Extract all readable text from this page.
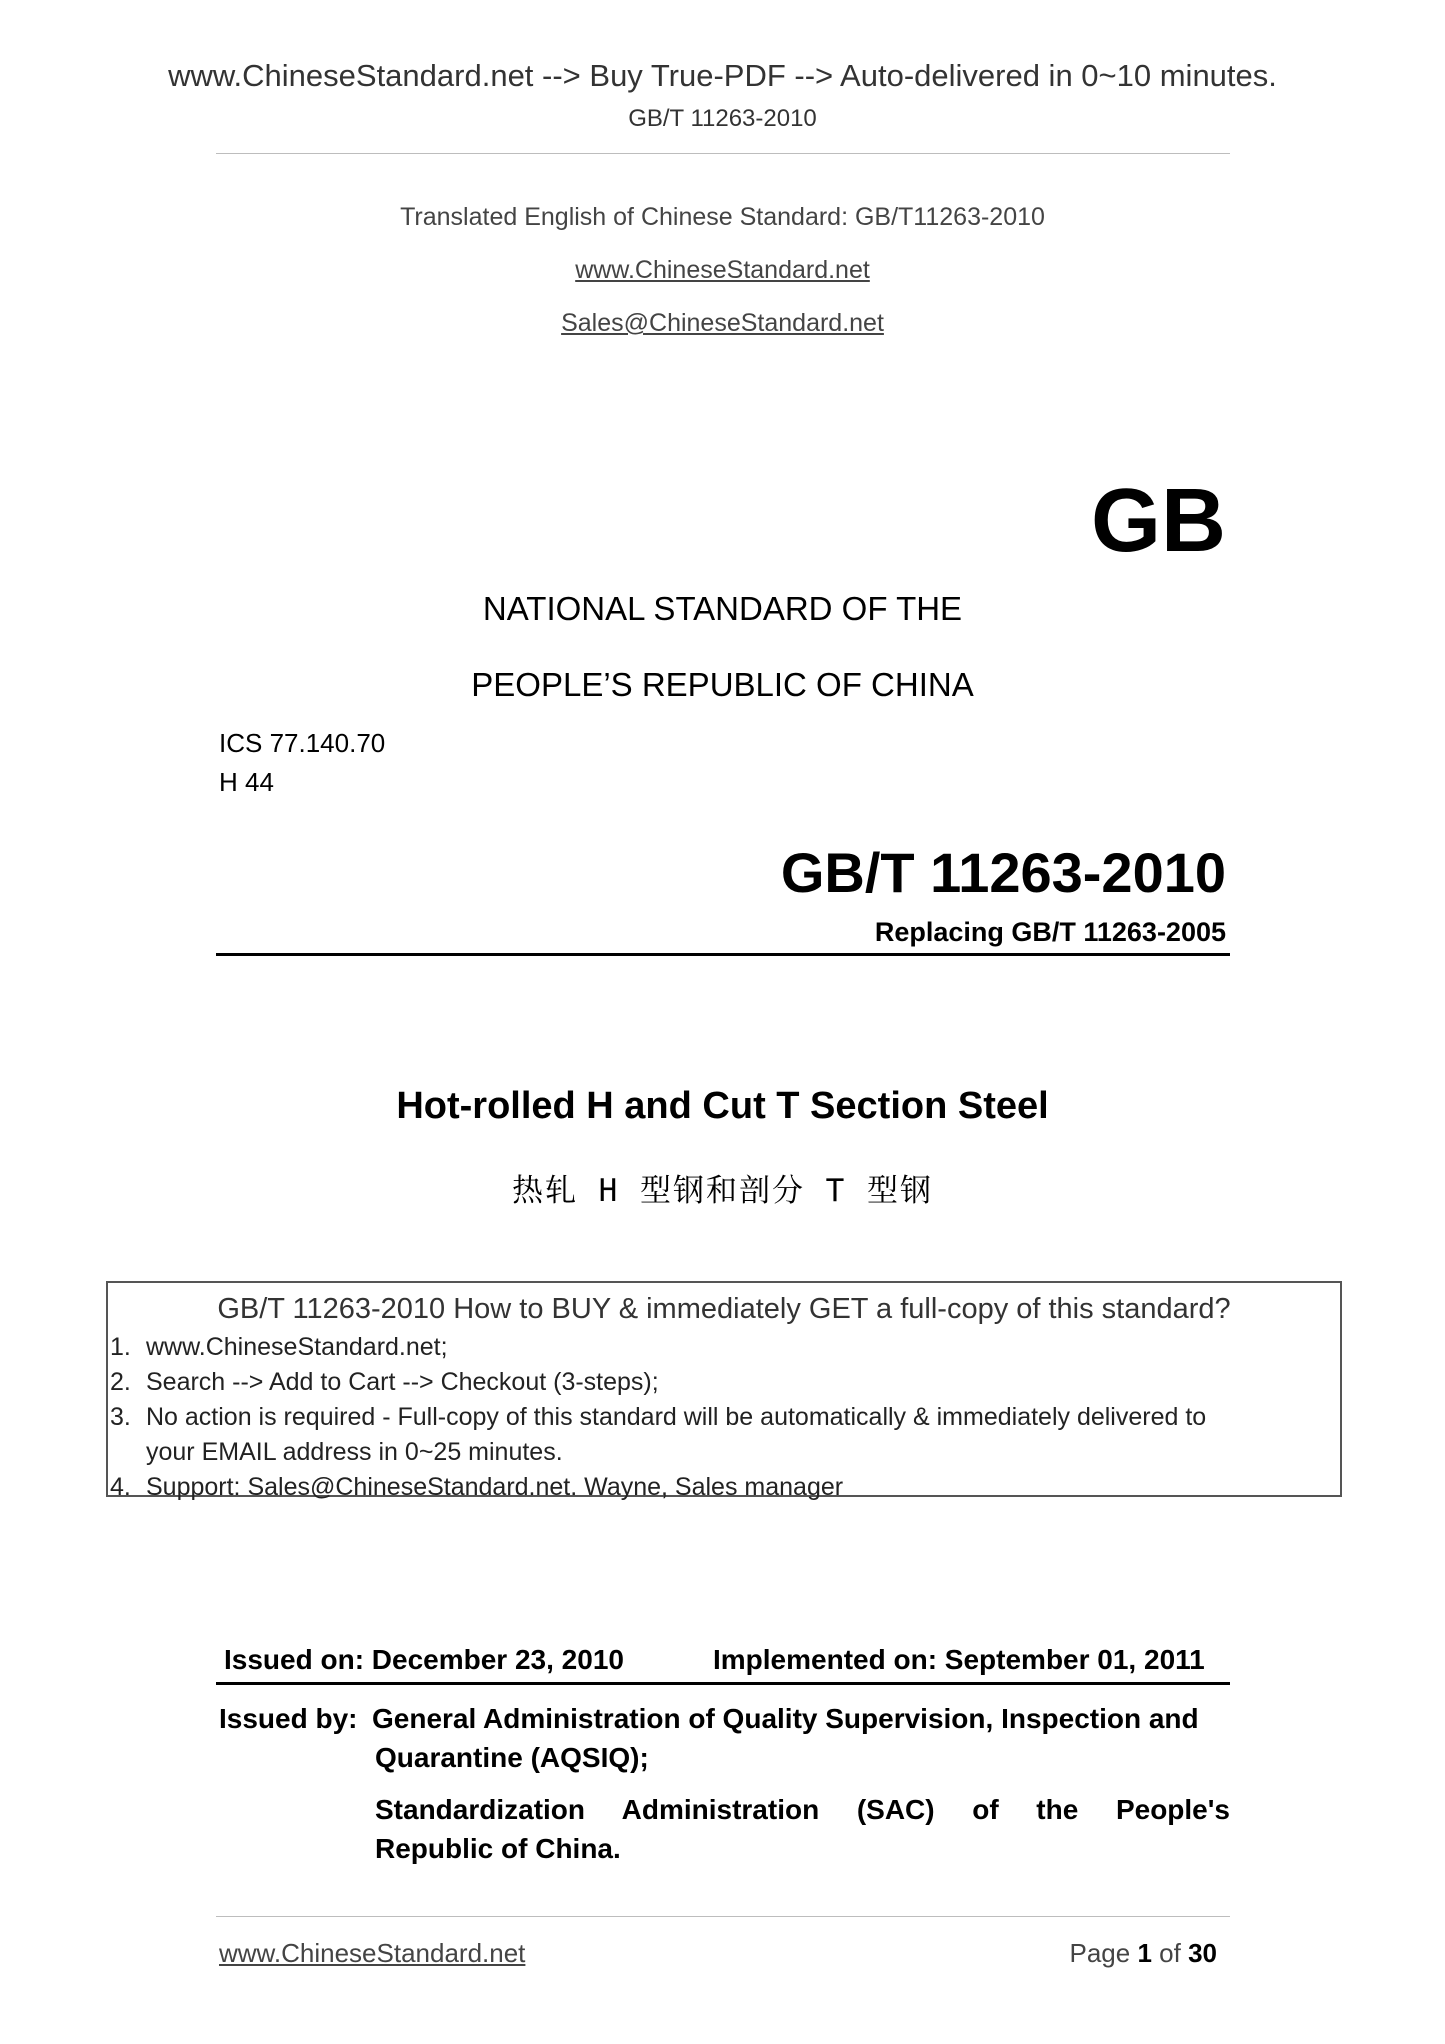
www.ChineseStandard.net --> Buy True-PDF --> Auto-delivered in 0~10 minutes.
GB/T 11263-2010
Translated English of Chinese Standard: GB/T11263-2010
www.ChineseStandard.net
Sales@ChineseStandard.net
GB
NATIONAL STANDARD OF THE
PEOPLE’S REPUBLIC OF CHINA
ICS 77.140.70
H 44
GB/T 11263-2010
Replacing GB/T 11263-2005
Hot-rolled H and Cut T Section Steel
热轧 H 型钢和剖分 T 型钢
GB/T 11263-2010 How to BUY & immediately GET a full-copy of this standard?
1. www.ChineseStandard.net;
2. Search --> Add to Cart --> Checkout (3-steps);
3. No action is required - Full-copy of this standard will be automatically & immediately delivered to
your EMAIL address in 0~25 minutes.
4. Support: Sales@ChineseStandard.net. Wayne, Sales manager
Issued on: December 23, 2010	Implemented on: September 01, 2011
Issued by: General Administration of Quality Supervision, Inspection and
Quarantine (AQSIQ);
Standardization Administration (SAC) of the People's
Republic of China.
www.ChineseStandard.net	Page 1 of 30
